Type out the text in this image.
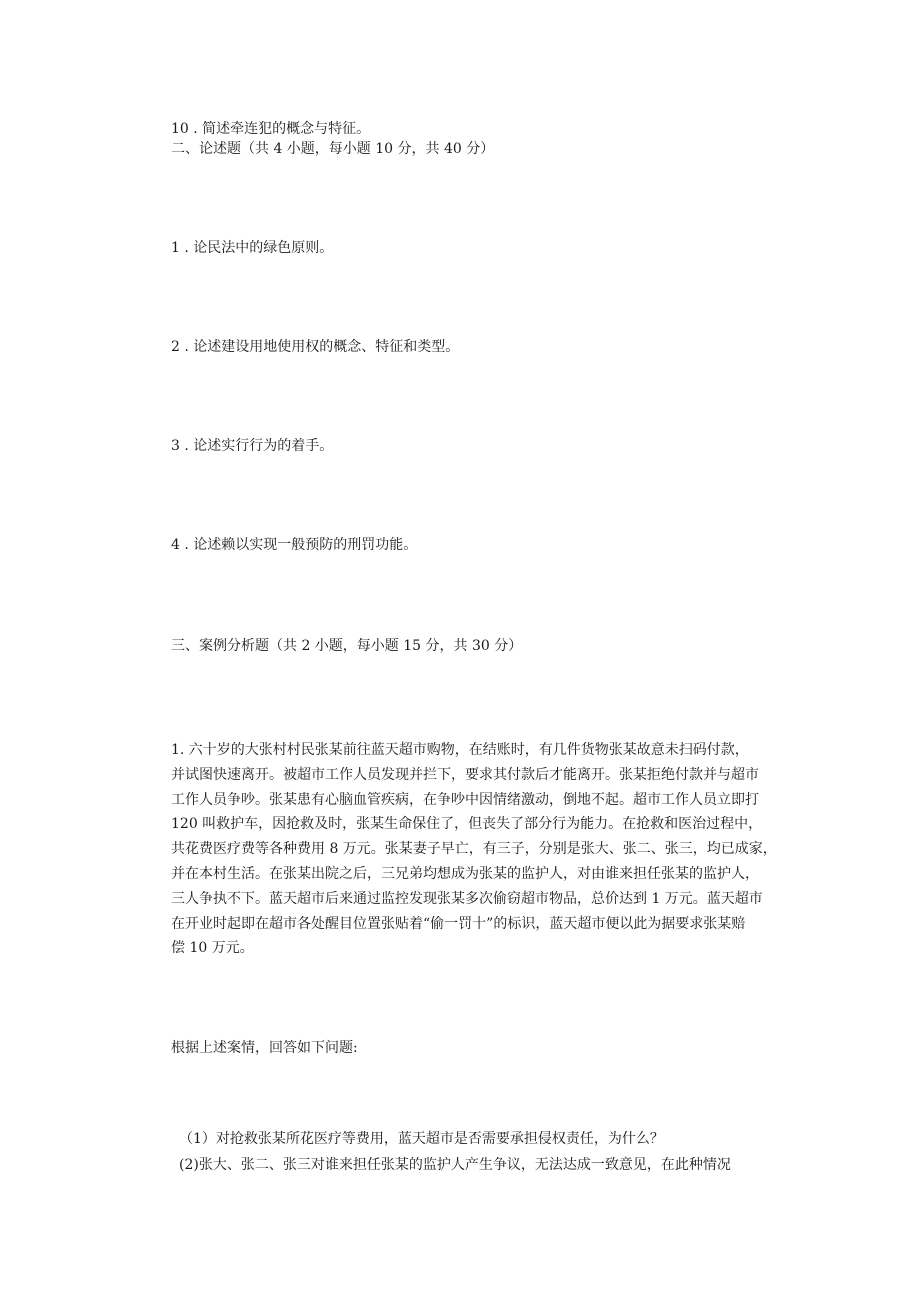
10 . 简述牵连犯的概念与特征。
二、论述题（共 4 小题，每小题 10 分，共 40 分）
1 . 论民法中的绿色原则。
2 . 论述建设用地使用权的概念、特征和类型。
3 . 论述实行行为的着手。
4 . 论述赖以实现一般预防的刑罚功能。
三、案例分析题（共 2 小题，每小题 15 分，共 30 分）
1. 六十岁的大张村村民张某前往蓝天超市购物，在结账时，有几件货物张某故意未扫码付款，
并试图快速离开。被超市工作人员发现并拦下，要求其付款后才能离开。张某拒绝付款并与超市
工作人员争吵。张某患有心脑血管疾病，在争吵中因情绪激动，倒地不起。超市工作人员立即打
120 叫救护车，因抢救及时，张某生命保住了，但丧失了部分行为能力。在抢救和医治过程中，
共花费医疗费等各种费用 8 万元。张某妻子早亡，有三子，分别是张大、张二、张三，均已成家，
并在本村生活。在张某出院之后，三兄弟均想成为张某的监护人，对由谁来担任张某的监护人，
三人争执不下。蓝天超市后来通过监控发现张某多次偷窃超市物品，总价达到 1 万元。蓝天超市
在开业时起即在超市各处醒目位置张贴着“偷一罚十”的标识，蓝天超市便以此为据要求张某赔
偿 10 万元。
根据上述案情，回答如下问题:
（1）对抢救张某所花医疗等费用，蓝天超市是否需要承担侵权责任，为什么？
(2)张大、张二、张三对谁来担任张某的监护人产生争议，无法达成一致意见，在此种情况
